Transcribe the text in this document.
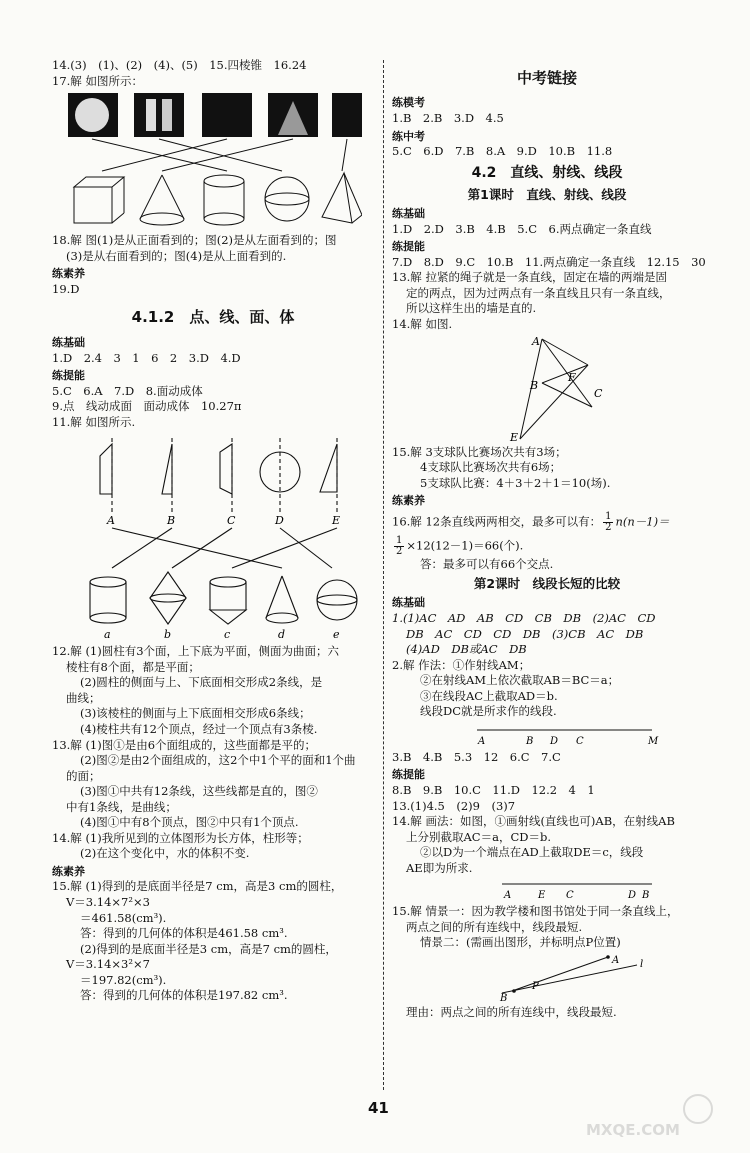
14.(3)　(1)、(2)　(4)、(5)　15.四棱锥　16.24

17.解 如图所示：

18.解 图(1)是从正面看到的；图(2)是从左面看到的；图

(3)是从右面看到的；图(4)是从上面看到的.

练素养

19.D

4.1.2　点、线、面、体

练基础

1.D　2.4　3　1　6　2　3.D　4.D

练提能

5.C　6.A　7.D　8.面动成体

9.点　线动成面　面动成体　10.27π

11.解 如图所示.

A	B	C	D	E
a	b	c	d	e

12.解 (1)圆柱有3个面，上下底为平面，侧面为曲面；六

棱柱有8个面，都是平面；

(2)圆柱的侧面与上、下底面相交形成2条线，是

曲线；

(3)该棱柱的侧面与上下底面相交形成6条线；

(4)棱柱共有12个顶点，经过一个顶点有3条棱.

13.解 (1)图①是由6个面组成的，这些面都是平的；

(2)图②是由2个面组成的，这2个中1个平的面和1个曲

的面；

(3)图①中共有12条线，这些线都是直的，图②

中有1条线，是曲线；

(4)图①中有8个顶点，图②中只有1个顶点.

14.解 (1)我所见到的立体图形为长方体，柱形等；

(2)在这个变化中，水的体积不变.

练素养

15.解 (1)得到的是底面半径是7 cm，高是3 cm的圆柱，

V＝3.14×7²×3

＝461.58(cm³).

答：得到的几何体的体积是461.58 cm³.

(2)得到的是底面半径是3 cm，高是7 cm的圆柱，

V＝3.14×3²×7

＝197.82(cm³).

答：得到的几何体的体积是197.82 cm³.

中考链接

练模考

1.B　2.B　3.D　4.5

练中考

5.C　6.D　7.B　8.A　9.D　10.B　11.8

4.2　直线、射线、线段
第1课时　直线、射线、线段

练基础

1.D　2.D　3.B　4.B　5.C　6.两点确定一条直线

练提能

7.D　8.D　9.C　10.B　11.两点确定一条直线　12.15　30

13.解 拉紧的绳子就是一条直线，固定在墙的两端是固

定的两点，因为过两点有一条直线且只有一条直线，

所以这样生出的墙是直的.

14.解 如图.

A
B
F
C
E

15.解 3支球队比赛场次共有3场；

4支球队比赛场次共有6场；

5支球队比赛：4＋3＋2＋1＝10(场).

练素养

16.解 12条直线两两相交，最多可以有： $\frac{1}{2} n(n-1)=$

$\frac{1}{2} \times 12(12-1)=66$(个).

答：最多可以有66个交点.

第2课时　线段长短的比较

练基础

1.(1)AC　AD　AB　CD　CB　DB　(2)AC　CD

DB　AC　CD　CD　DB　(3)CB　AC　DB

(4)AD　DB或AC　DB

2.解 作法：①作射线AM；

②在射线AM上依次截取AB＝BC＝a；

③在线段AC上截取AD＝b.

线段DC就是所求作的线段.

A	B D C	M

3.B　4.B　5.3　12　6.C　7.C

练提能

8.B　9.B　10.C　11.D　12.2　4　1

13.(1)4.5　(2)9　(3)7

14.解 画法：如图，①画射线(直线也可)AB，在射线AB

上分别截取AC＝a，CD＝b.

②以D为一个端点在AD上截取DE＝c，线段

AE即为所求.

A	E C	D B

15.解 情景一：因为教学楼和图书馆处于同一条直线上，

两点之间的所有连线中，线段最短.

情景二：(需画出图形，并标明点P位置)

A
B
P
l

理由：两点之间的所有连线中，线段最短.

41
MXQE.COM
